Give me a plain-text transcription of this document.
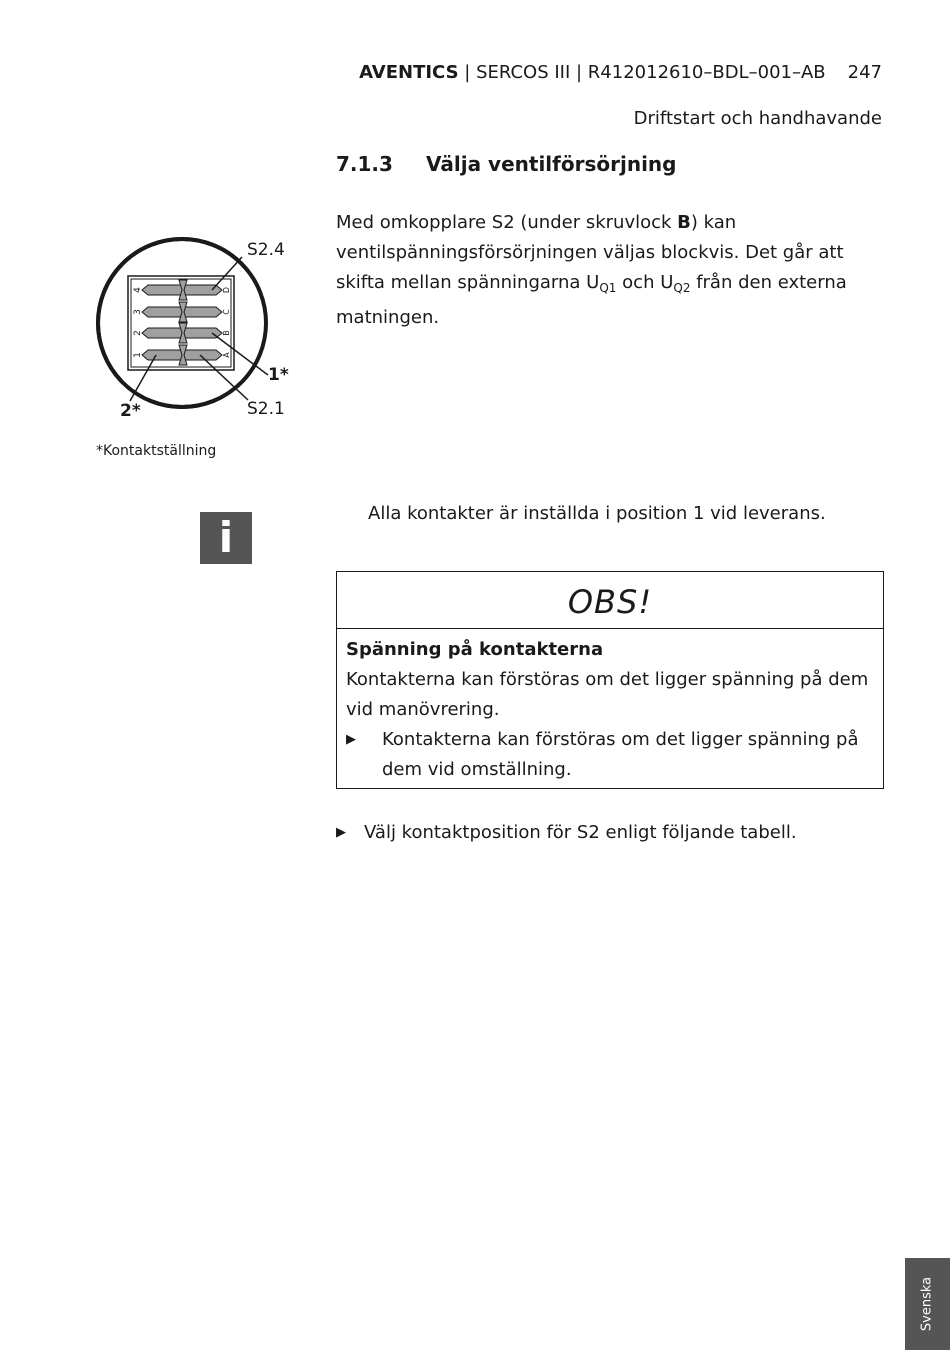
AVENTICS | SERCOS III | R412012610–BDL–001–AB 247
Driftstart och handhavande
7.1.3 Välja ventilförsörjning
Med omkopplare S2 (under skruvlock B) kan ventilspänningsförsörjningen väljas blockvis. Det går att skifta mellan spänningarna $U_{Q1}$ och $U_{Q2}$ från den externa matningen.
1	A
2	B
3	C
4	D
S2.4
1*
S2.1
2*
*Kontaktställning
i	Alla kontakter är inställda i position 1 vid leverans.
OBS!
Spänning på kontakterna
Kontakterna kan förstöras om det ligger spänning på dem vid manövrering.
▶ Kontakterna kan förstöras om det ligger spänning på dem vid omställning.
▶ Välj kontaktposition för S2 enligt följande tabell.
Svenska
